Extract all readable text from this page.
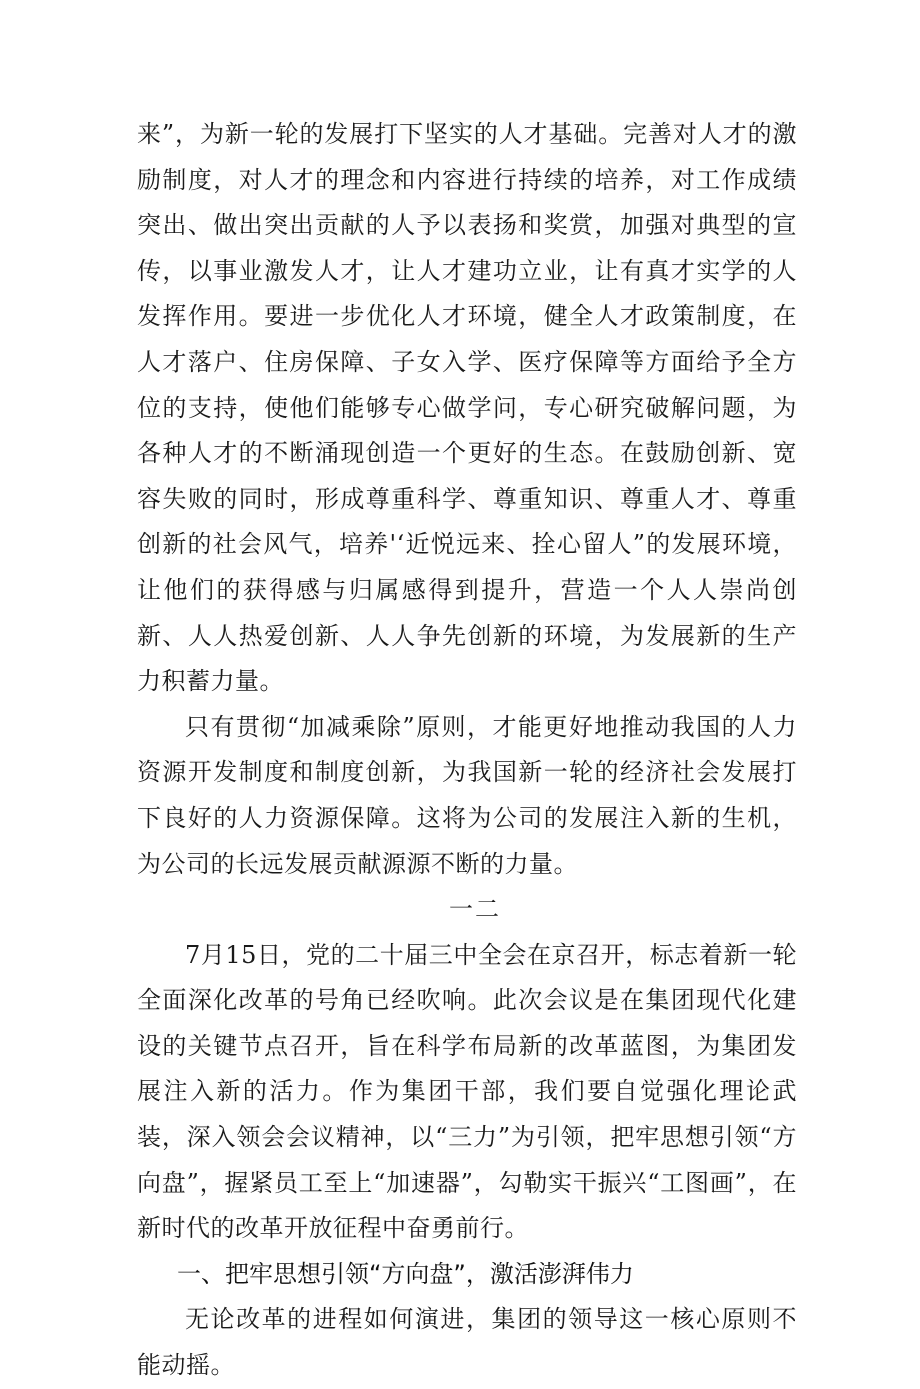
来”，为新一轮的发展打下坚实的人才基础。完善对人才的激励制度，对人才的理念和内容进行持续的培养，对工作成绩突出、做出突出贡献的人予以表扬和奖赏，加强对典型的宣传，以事业激发人才，让人才建功立业，让有真才实学的人发挥作用。要进一步优化人才环境，健全人才政策制度，在人才落户、住房保障、子女入学、医疗保障等方面给予全方位的支持，使他们能够专心做学问，专心研究破解问题，为各种人才的不断涌现创造一个更好的生态。在鼓励创新、宽容失败的同时，形成尊重科学、尊重知识、尊重人才、尊重创新的社会风气，培养'‘近悦远来、拴心留人”的发展环境，让他们的获得感与归属感得到提升，营造一个人人崇尚创新、人人热爱创新、人人争先创新的环境，为发展新的生产力积蓄力量。

只有贯彻“加减乘除”原则，才能更好地推动我国的人力资源开发制度和制度创新，为我国新一轮的经济社会发展打下良好的人力资源保障。这将为公司的发展注入新的生机，为公司的长远发展贡献源源不断的力量。

一二

7月15日，党的二十届三中全会在京召开，标志着新一轮全面深化改革的号角已经吹响。此次会议是在集团现代化建设的关键节点召开，旨在科学布局新的改革蓝图，为集团发展注入新的活力。作为集团干部，我们要自觉强化理论武装，深入领会会议精神，以“三力”为引领，把牢思想引领“方向盘”，握紧员工至上“加速器”，勾勒实干振兴“工图画”，在新时代的改革开放征程中奋勇前行。

一、把牢思想引领“方向盘”，激活澎湃伟力

无论改革的进程如何演进，集团的领导这一核心原则不能动摇。
